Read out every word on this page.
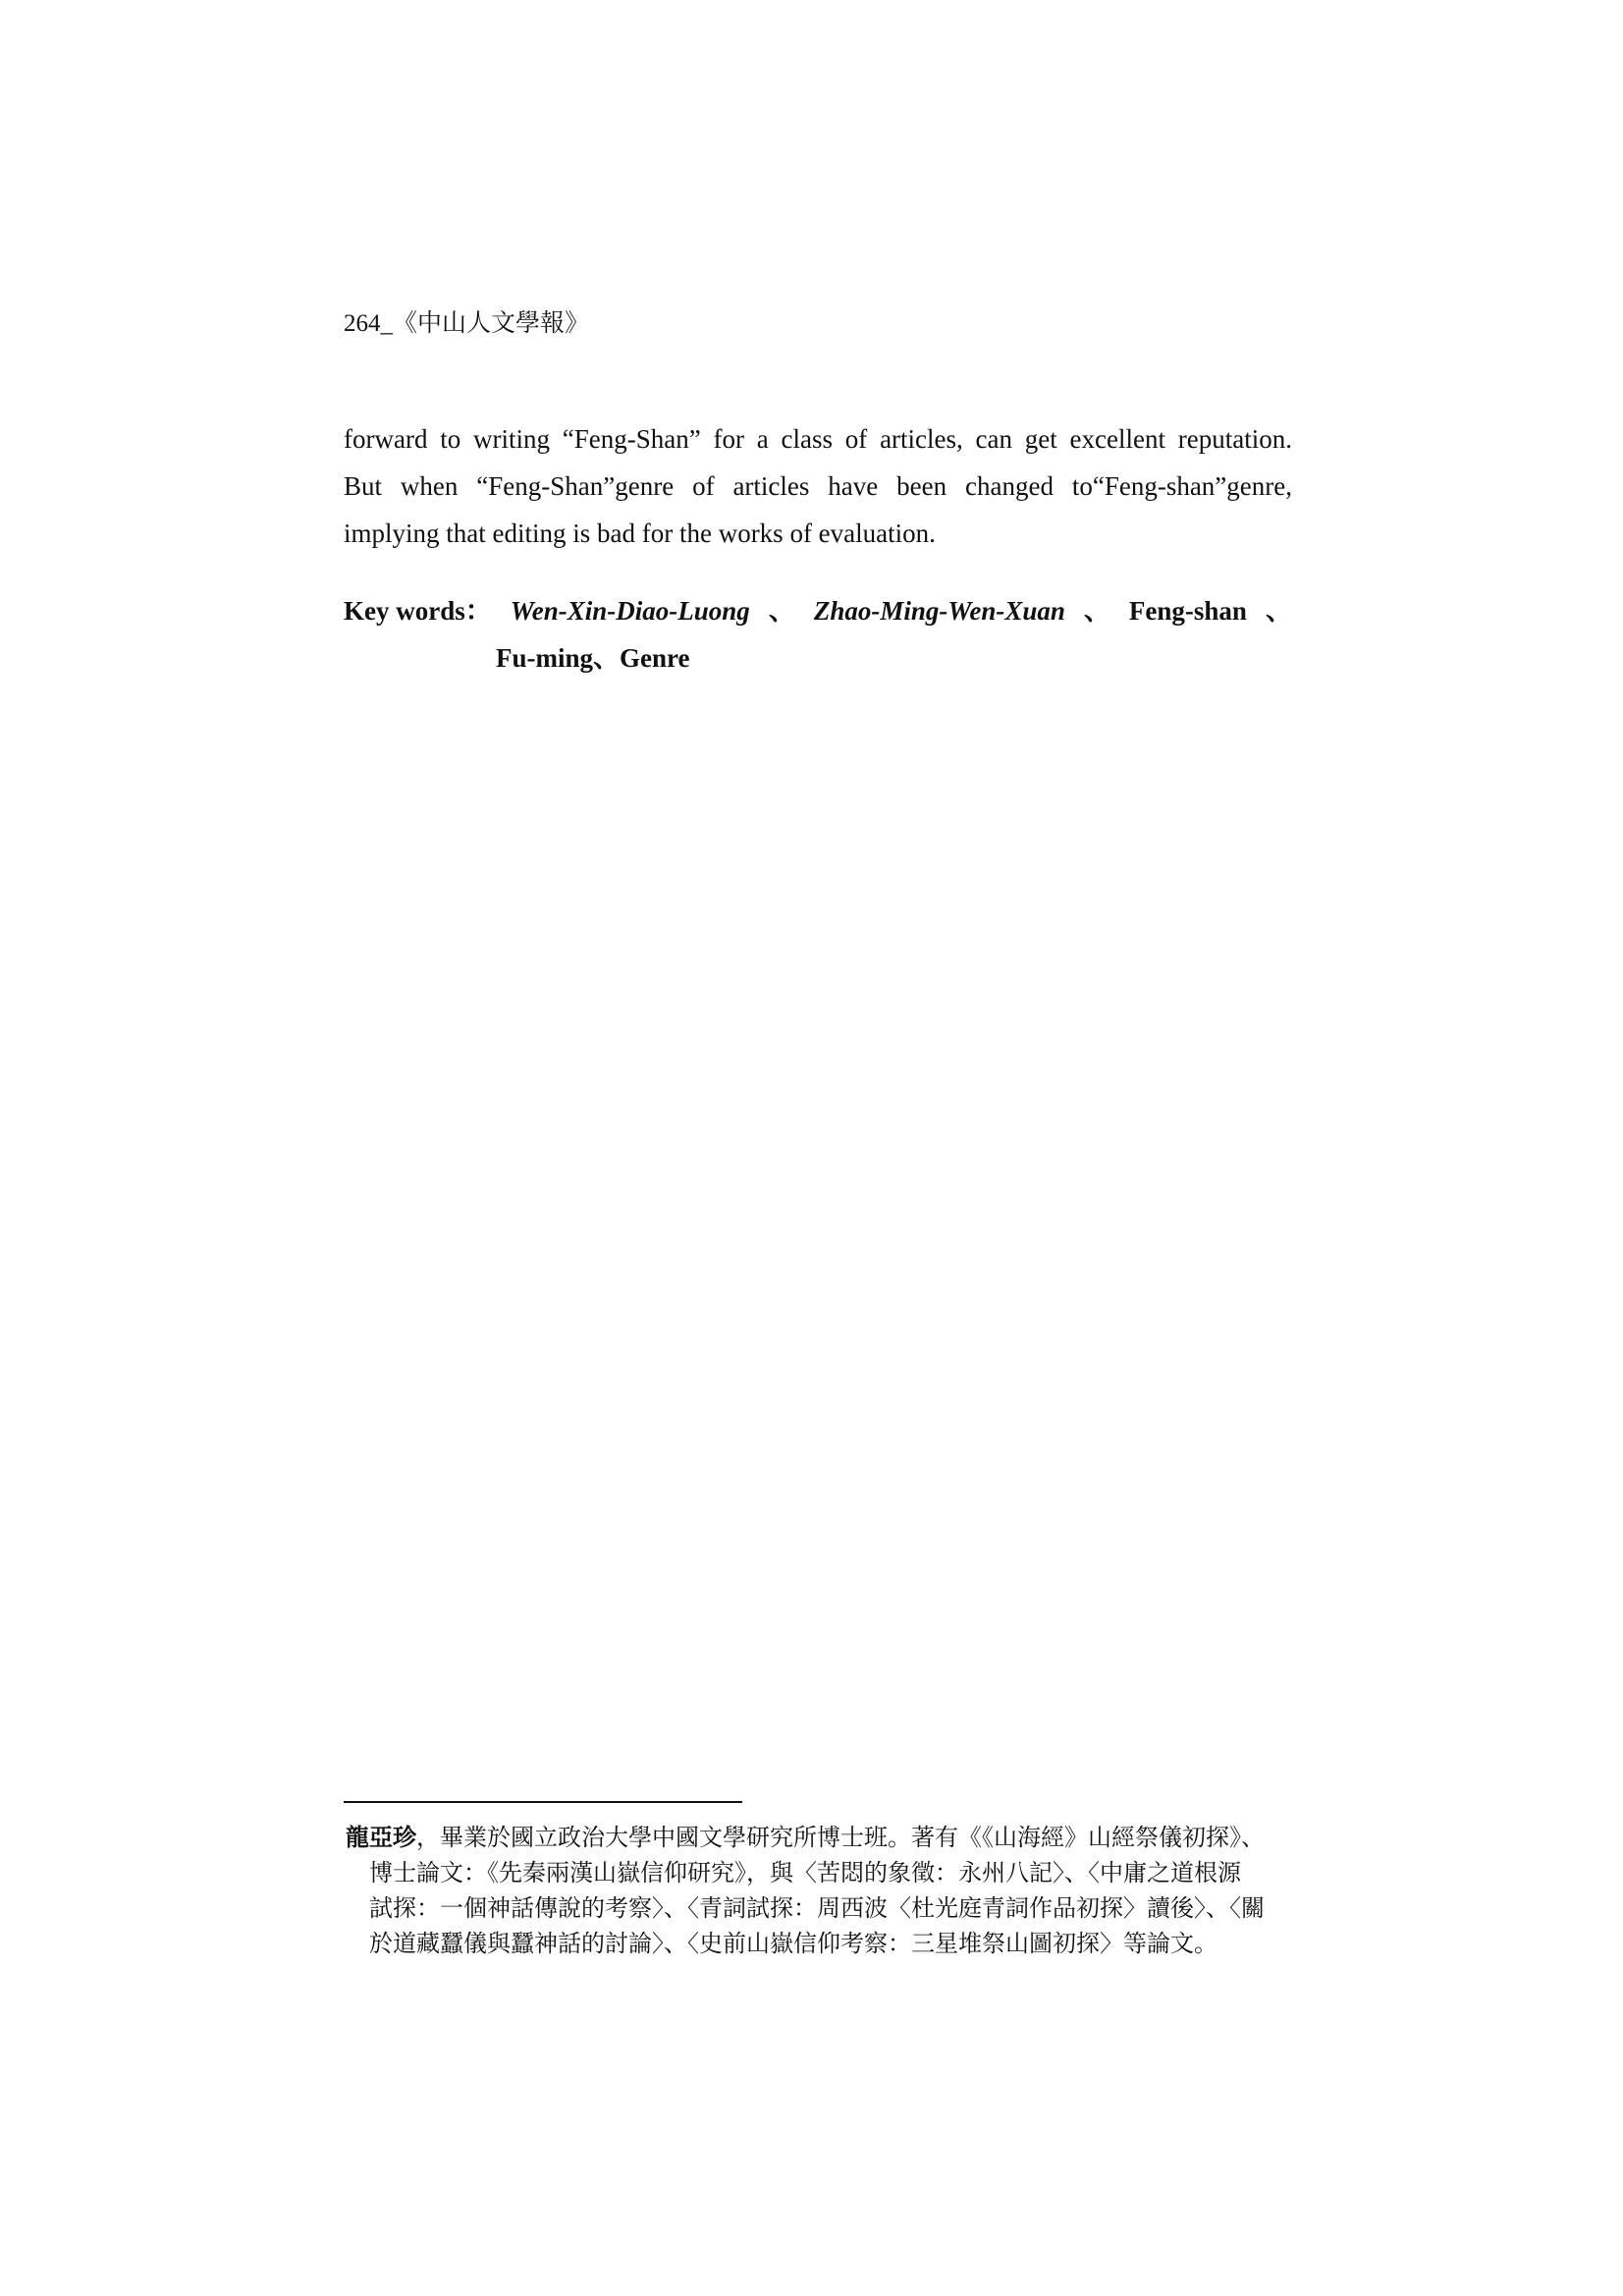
264_《中山人文學報》
forward to writing “Feng-Shan” for a class of articles, can get excellent reputation.
But when “Feng-Shan”genre of articles have been changed to“Feng-shan”genre,
implying that editing is bad for the works of evaluation.
Key words： Wen-Xin-Diao-Luong 、 Zhao-Ming-Wen-Xuan 、 Feng-shan 、
Fu-ming、Genre
龍亞珍，畢業於國立政治大學中國文學研究所博士班。著有《《山海經》山經祭儀初探》、
博士論文：《先秦兩漢山嶽信仰研究》，與〈苦悶的象徵：永州八記〉、〈中庸之道根源
試探：一個神話傳說的考察〉、〈青詞試探：周西波〈杜光庭青詞作品初探〉讀後〉、〈關
於道藏蠶儀與蠶神話的討論〉、〈史前山嶽信仰考察：三星堆祭山圖初探〉等論文。
